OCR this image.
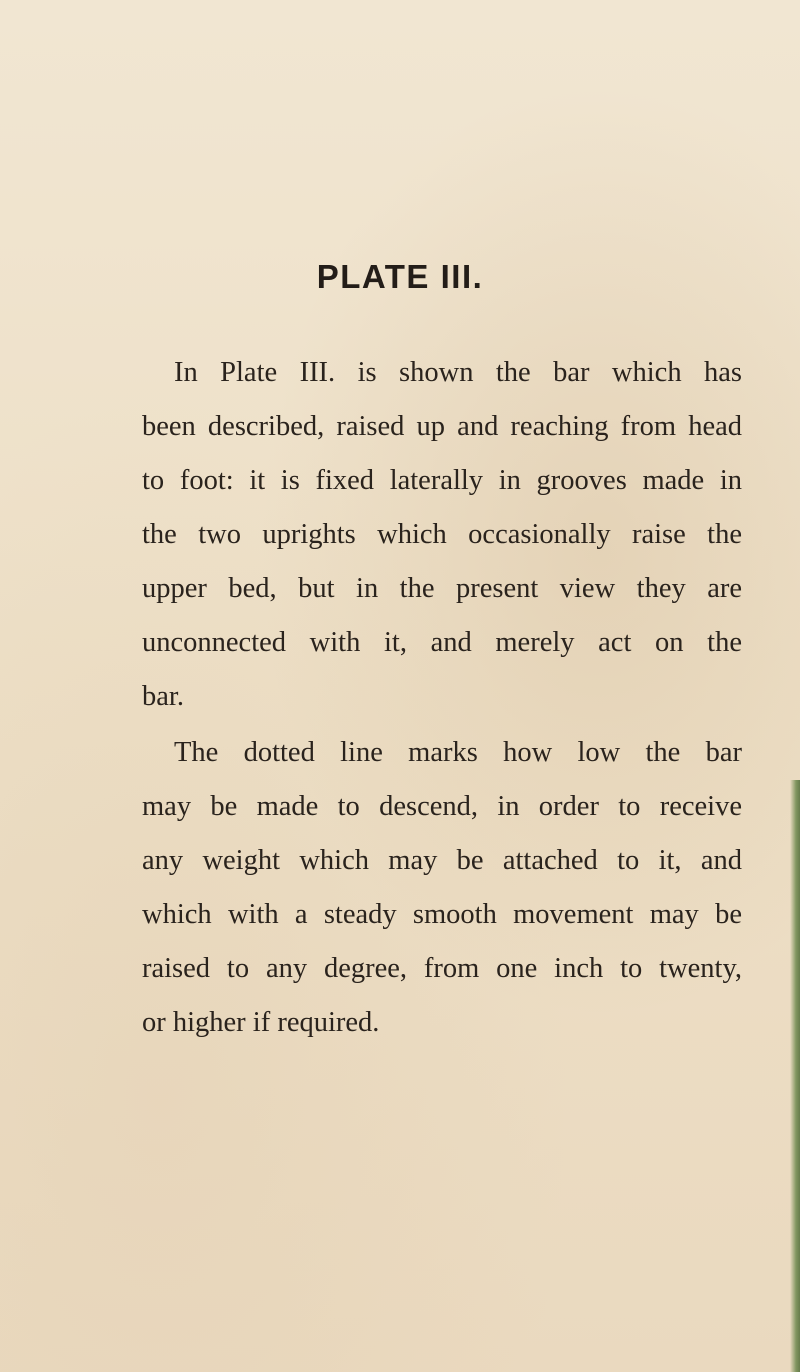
PLATE III.
In Plate III. is shown the bar which has
been described, raised up and reaching from head
to foot: it is fixed laterally in grooves made in
the two uprights which occasionally raise the
upper bed, but in the present view they are
unconnected with it, and merely act on the
bar.
The dotted line marks how low the bar
may be made to descend, in order to receive
any weight which may be attached to it, and
which with a steady smooth movement may be
raised to any degree, from one inch to twenty,
or higher if required.
